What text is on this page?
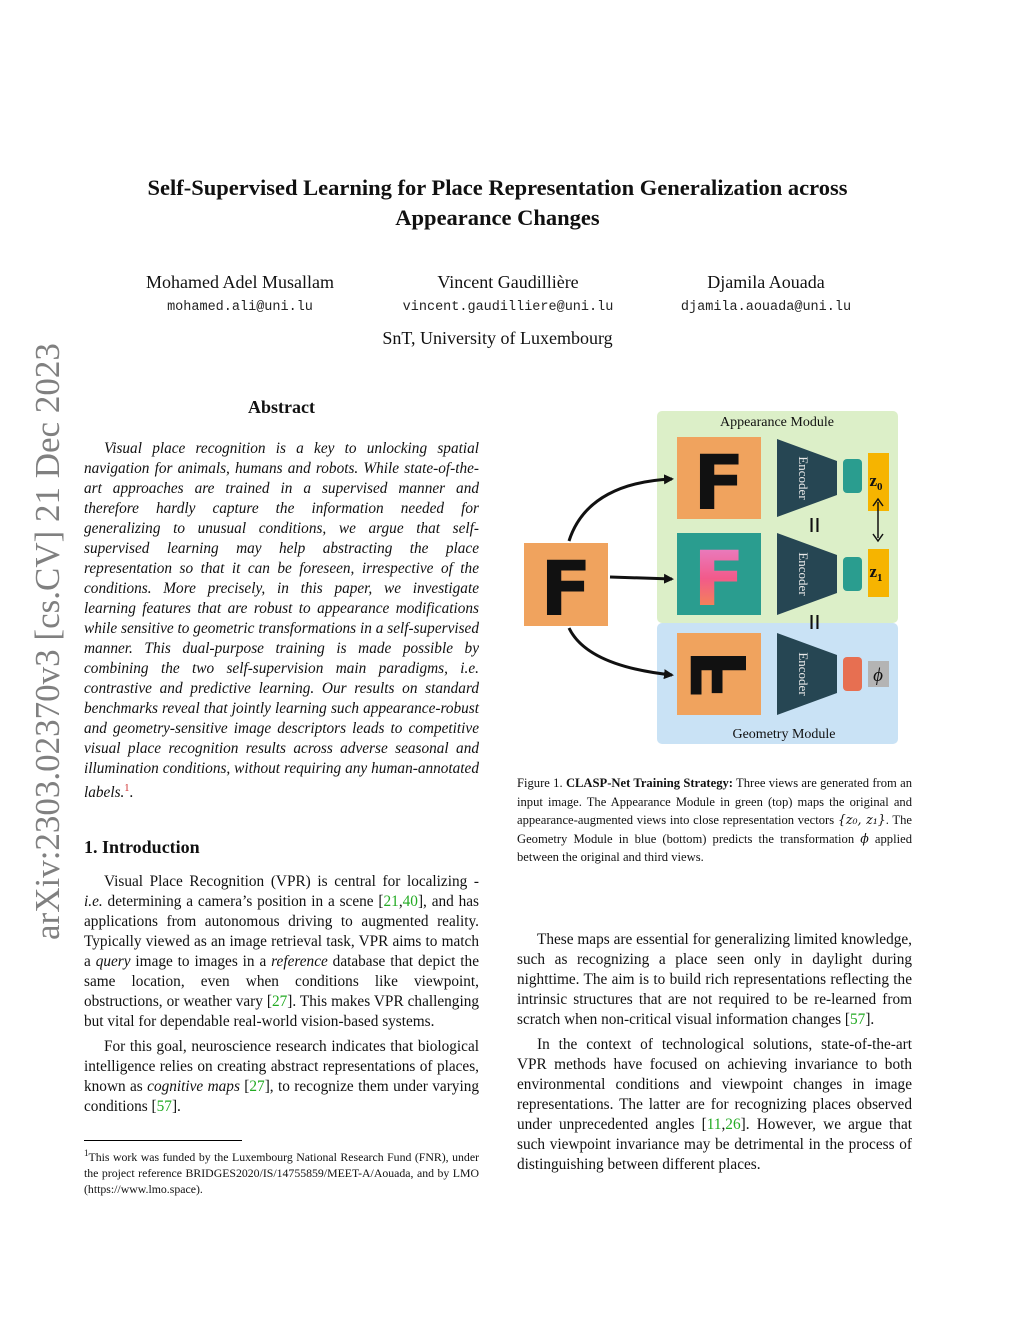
arXiv:2303.02370v3 [cs.CV] 21 Dec 2023
Self-Supervised Learning for Place Representation Generalization across
Appearance Changes
Mohamed Adel Musallam
mohamed.ali@uni.lu
Vincent Gaudillière
vincent.gaudilliere@uni.lu
Djamila Aouada
djamila.aouada@uni.lu
SnT, University of Luxembourg
Abstract
Visual place recognition is a key to unlocking spatial navigation for animals, humans and robots. While state-of-the-art approaches are trained in a supervised manner and therefore hardly capture the information needed for generalizing to unusual conditions, we argue that self-supervised learning may help abstracting the place representation so that it can be foreseen, irrespective of the conditions. More precisely, in this paper, we investigate learning features that are robust to appearance modifications while sensitive to geometric transformations in a self-supervised manner. This dual-purpose training is made possible by combining the two self-supervision main paradigms, i.e. contrastive and predictive learning. Our results on standard benchmarks reveal that jointly learning such appearance-robust and geometry-sensitive image descriptors leads to competitive visual place recognition results across adverse seasonal and illumination conditions, without requiring any human-annotated labels.$^1$.
1. Introduction

Visual Place Recognition (VPR) is central for localizing - i.e. determining a camera’s position in a scene [21,40], and has applications from autonomous driving to augmented reality. Typically viewed as an image retrieval task, VPR aims to match a query image to images in a reference database that depict the same location, even when conditions like viewpoint, obstructions, or weather vary [27]. This makes VPR challenging but vital for dependable real-world vision-based systems.

For this goal, neuroscience research indicates that biological intelligence relies on creating abstract representations of places, known as cognitive maps [27], to recognize them under varying conditions [57].

$^1$This work was funded by the Luxembourg National Research Fund (FNR), under the project reference BRIDGES2020/IS/14755859/MEET-A/Aouada, and by LMO (https://www.lmo.space).
Appearance Module
Geometry Module
F
F
F
F
Encoder
Encoder
Encoder
=
=
$z_0$
$z_1$
ϕ
Figure 1. CLASP-Net Training Strategy: Three views are generated from an input image. The Appearance Module in green (top) maps the original and appearance-augmented views into close representation vectors {z₀, z₁}. The Geometry Module in blue (bottom) predicts the transformation ϕ applied between the original and third views.

These maps are essential for generalizing limited knowledge, such as recognizing a place seen only in daylight during nighttime. The aim is to build rich representations reflecting the intrinsic structures that are not required to be re-learned from scratch when non-critical visual information changes [57].

In the context of technological solutions, state-of-the-art VPR methods have focused on achieving invariance to both environmental conditions and viewpoint changes in image representations. The latter are for recognizing places observed under unprecedented angles [11,26]. However, we argue that such viewpoint invariance may be detrimental in the process of distinguishing between different places.
